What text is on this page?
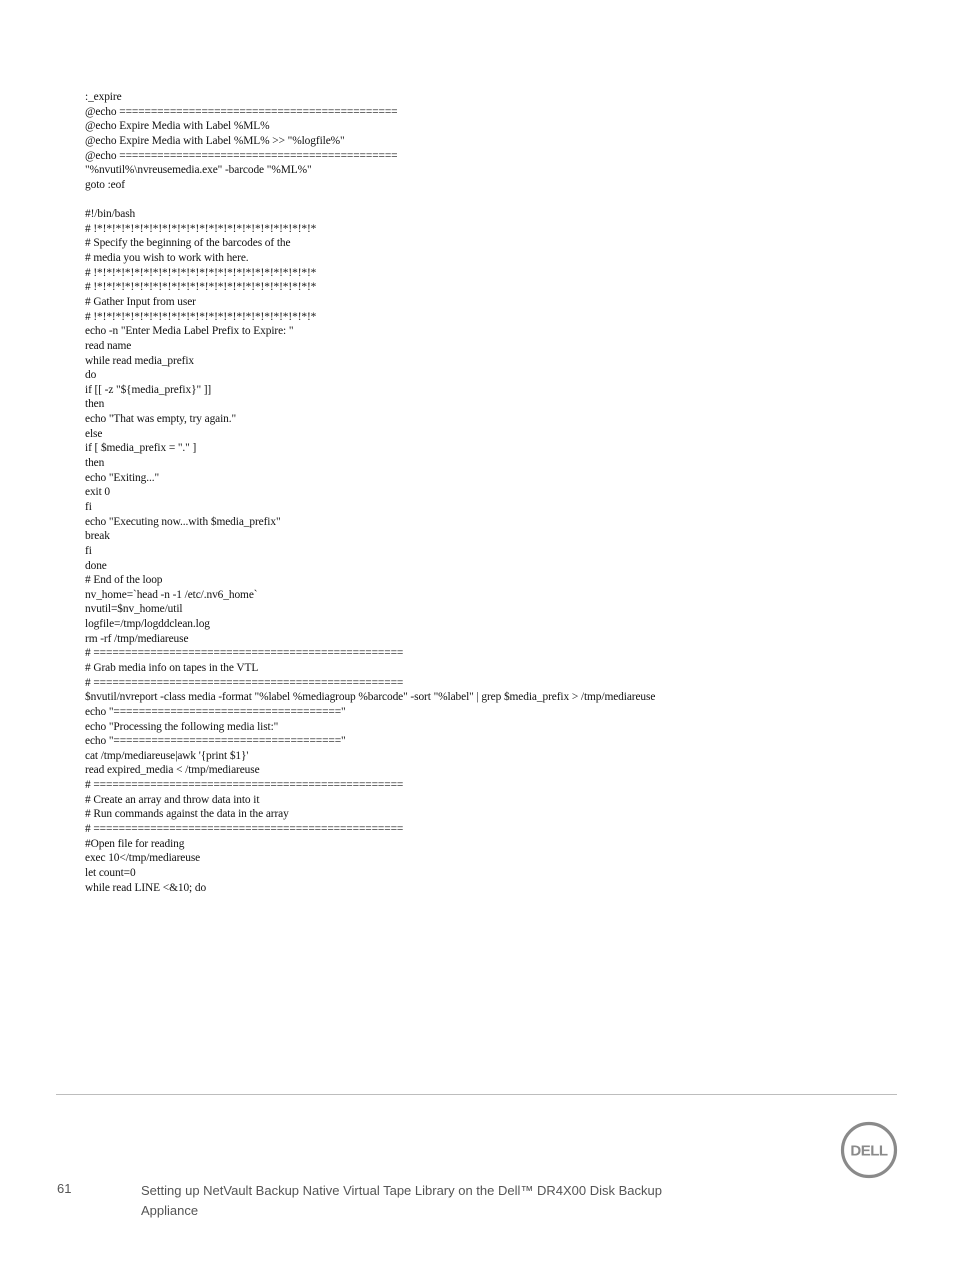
:_expire
@echo ============================================
@echo Expire Media with Label %ML%
@echo Expire Media with Label %ML% >> "%logfile%"
@echo ============================================
"%nvutil%\nvreusemedia.exe" -barcode "%ML%"
goto :eof
#!/bin/bash
# !*!*!*!*!*!*!*!*!*!*!*!*!*!*!*!*!*!*!*!*!*!*!*!*
# Specify the beginning of the barcodes of the
# media you wish to work with here.
# !*!*!*!*!*!*!*!*!*!*!*!*!*!*!*!*!*!*!*!*!*!*!*!*
# !*!*!*!*!*!*!*!*!*!*!*!*!*!*!*!*!*!*!*!*!*!*!*!*
# Gather Input from user
# !*!*!*!*!*!*!*!*!*!*!*!*!*!*!*!*!*!*!*!*!*!*!*!*
echo -n "Enter Media Label Prefix to Expire: "
read name
while read media_prefix
do
if [[ -z "${media_prefix}" ]]
then
echo "That was empty, try again."
else
if [ $media_prefix = "." ]
then
echo "Exiting..."
exit 0
fi
echo "Executing now...with $media_prefix"
break
fi
done
# End of the loop
nv_home=`head -n -1 /etc/.nv6_home`
nvutil=$nv_home/util
logfile=/tmp/logddclean.log
rm -rf /tmp/mediareuse
# =================================================
# Grab media info on tapes in the VTL
# =================================================
$nvutil/nvreport -class media -format "%label %mediagroup %barcode" -sort "%label" | grep $media_prefix > /tmp/mediareuse
echo "===================================="
echo "Processing the following media list:"
echo "===================================="
cat /tmp/mediareuse|awk '{print $1}'
read expired_media < /tmp/mediareuse
# =================================================
# Create an array and throw data into it
# Run commands against the data in the array
# =================================================
#Open file for reading
exec 10</tmp/mediareuse
let count=0
while read LINE <&10; do
DELL
61	Setting up NetVault Backup Native Virtual Tape Library on the Dell™ DR4X00 Disk Backup
Appliance
